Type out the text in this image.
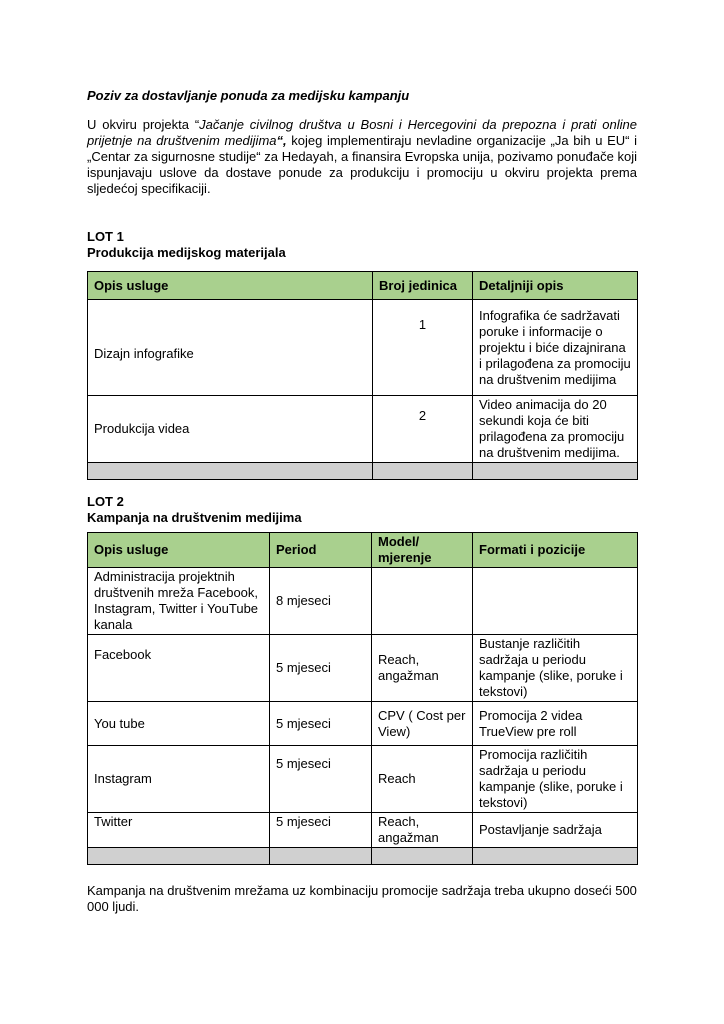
Poziv za dostavljanje ponuda za medijsku kampanju

U okviru projekta “Jačanje civilnog društva u Bosni i Hercegovini da prepozna i prati online prijetnje na društvenim medijima“, kojeg implementiraju nevladine organizacije „Ja bih u EU“ i „Centar za sigurnosne studije“ za Hedayah, a finansira Evropska unija, pozivamo ponuđače koji ispunjavaju uslove da dostave ponude za produkciju i promociju u okviru projekta prema sljedećoj specifikaciji.

LOT 1

Produkcija medijskog materijala

Opis usluge	Broj jedinica	Detaljniji opis
Dizajn infografike	1	Infografika će sadržavati poruke i informacije o projektu i biće dizajnirana i prilagođena za promociju na društvenim medijima
Produkcija videa	2	Video animacija do 20 sekundi koja će biti prilagođena za promociju na društvenim medijima.

LOT 2

Kampanja na društvenim medijima

Opis usluge	Period	Model/ mjerenje	Formati i pozicije
Administracija projektnih društvenih mreža Facebook, Instagram, Twitter i YouTube kanala	8 mjeseci		
Facebook	5 mjeseci	Reach, angažman	Bustanje različitih sadržaja u periodu kampanje (slike, poruke i tekstovi)
You tube	5 mjeseci	CPV ( Cost per View)	Promocija 2 videa TrueView pre roll
Instagram	5 mjeseci	Reach	Promocija različitih sadržaja u periodu kampanje (slike, poruke i tekstovi)
Twitter	5 mjeseci	Reach, angažman	Postavljanje sadržaja

Kampanja na društvenim mrežama uz kombinaciju promocije sadržaja treba ukupno doseći 500 000 ljudi.
